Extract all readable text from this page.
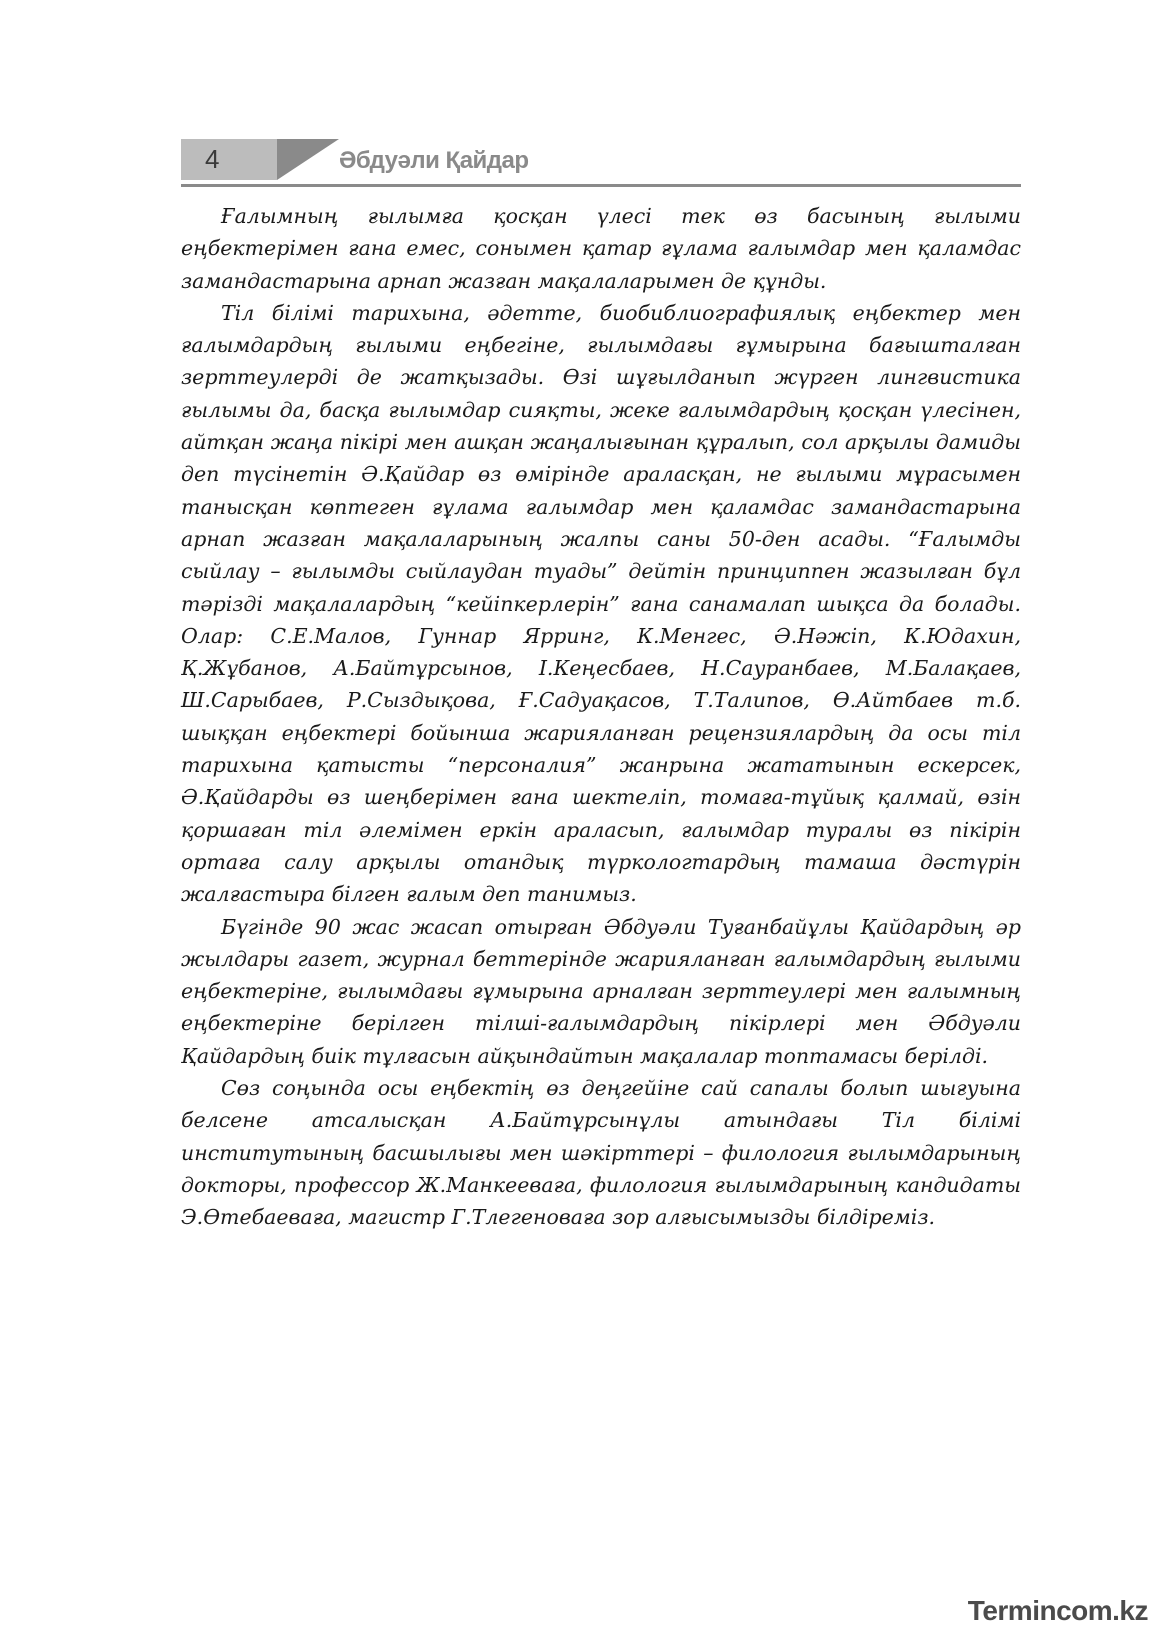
4	Әбдуәли Қайдар

Ғалымның ғылымға қосқан үлесі тек өз басының ғылыми еңбектерімен ғана емес, сонымен қатар ғұлама ғалымдар мен қаламдас замандастарына арнап жазған мақалаларымен де құнды.

Тіл білімі тарихына, әдетте, биобиблиографиялық еңбектер мен ғалымдардың ғылыми еңбегіне, ғылымдағы ғұмырына бағышталған зерттеулерді де жатқызады. Өзі шұғылданып жүрген лингвистика ғылымы да, басқа ғылымдар сияқты, жеке ғалымдардың қосқан үлесінен, айтқан жаңа пікірі мен ашқан жаңалығынан құралып, сол арқылы дамиды деп түсінетін Ә.Қайдар өз өмірінде араласқан, не ғылыми мұрасымен танысқан көптеген ғұлама ғалымдар мен қаламдас замандастарына арнап жазған мақалаларының жалпы саны 50-ден асады. “Ғалымды сыйлау – ғылымды сыйлаудан туады” дейтін принциппен жазылған бұл тәрізді мақалалардың “кейіпкерлерін” ғана санамалап шықса да болады. Олар: С.Е.Малов, Гуннар Ярринг, К.Менгес, Ә.Нәжіп, К.Юдахин, Қ.Жұбанов, А.Байтұрсынов, І.Кеңесбаев, Н.Сауранбаев, М.Балақаев, Ш.Сарыбаев, Р.Сыздықова, Ғ.Садуақасов, Т.Талипов, Ө.Айтбаев т.б. шыққан еңбектері бойынша жарияланған рецензиялардың да осы тіл тарихына қатысты “персоналия” жанрына жататынын ескерсек, Ә.Қайдарды өз шеңберімен ғана шектеліп, томаға-тұйық қалмай, өзін қоршаған тіл әлемімен еркін араласып, ғалымдар туралы өз пікірін ортаға салу арқылы отандық түркологтардың тамаша дәстүрін жалғастыра білген ғалым деп танимыз.

Бүгінде 90 жас жасап отырған Әбдуәли Туғанбайұлы Қайдардың әр жылдары газет, журнал беттерінде жарияланған ғалымдардың ғылыми еңбектеріне, ғылымдағы ғұмырына арналған зерттеулері мен ғалымның еңбектеріне берілген тілші-ғалымдардың пікірлері мен Әбдуәли Қайдардың биік тұлғасын айқындайтын мақалалар топтамасы берілді.

Сөз соңында осы еңбектің өз деңгейіне сай сапалы болып шығуына белсене атсалысқан А.Байтұрсынұлы атындағы Тіл білімі институтының басшылығы мен шәкірттері – филология ғылымдарының докторы, профессор Ж.Манкееваға, филология ғылымдарының кандидаты Э.Өтебаеваға, магистр Г.Тлегеноваға зор алғысымызды білдіреміз.

Termincom.kz
